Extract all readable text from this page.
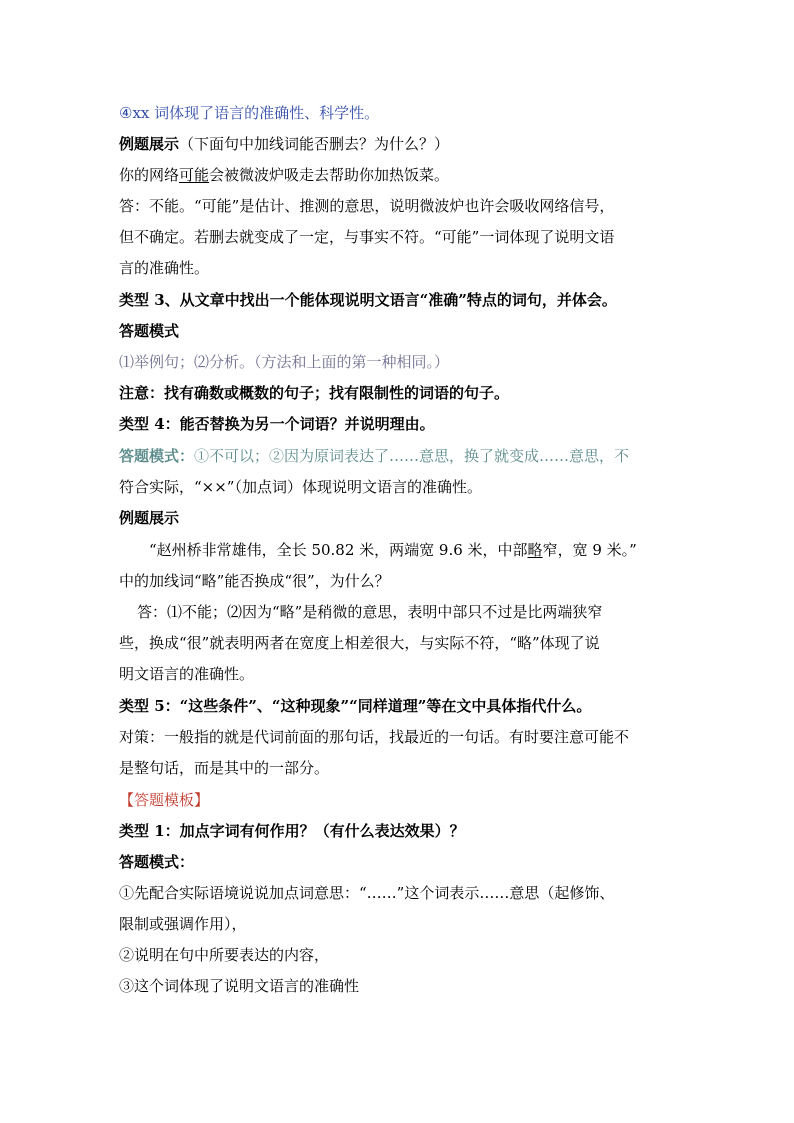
④xx 词体现了语言的准确性、科学性。
例题展示（下面句中加线词能否删去？为什么？）
你的网络可能会被微波炉吸走去帮助你加热饭菜。
答：不能。“可能”是估计、推测的意思，说明微波炉也许会吸收网络信号，
但不确定。若删去就变成了一定，与事实不符。“可能”一词体现了说明文语
言的准确性。
类型 3、从文章中找出一个能体现说明文语言“准确”特点的词句，并体会。
答题模式
⑴举例句；⑵分析。（方法和上面的第一种相同。）
注意：找有确数或概数的句子；找有限制性的词语的句子。
类型 4：能否替换为另一个词语？并说明理由。
答题模式：①不可以；②因为原词表达了……意思，换了就变成……意思，不
符合实际，“××”（加点词）体现说明文语言的准确性。
例题展示
“赵州桥非常雄伟，全长 50.82 米，两端宽 9.6 米，中部略窄，宽 9 米。”
中的加线词“略”能否换成“很”，为什么？
答：⑴不能；⑵因为“略”是稍微的意思，表明中部只不过是比两端狭窄
些，换成“很”就表明两者在宽度上相差很大，与实际不符，“略”体现了说
明文语言的准确性。
类型 5：“这些条件”、“这种现象”“同样道理”等在文中具体指代什么。
对策：一般指的就是代词前面的那句话，找最近的一句话。有时要注意可能不
是整句话，而是其中的一部分。
【答题模板】
类型 1：加点字词有何作用？（有什么表达效果）？
答题模式：
①先配合实际语境说说加点词意思：“……”这个词表示……意思（起修饰、
限制或强调作用），
②说明在句中所要表达的内容，
③这个词体现了说明文语言的准确性
